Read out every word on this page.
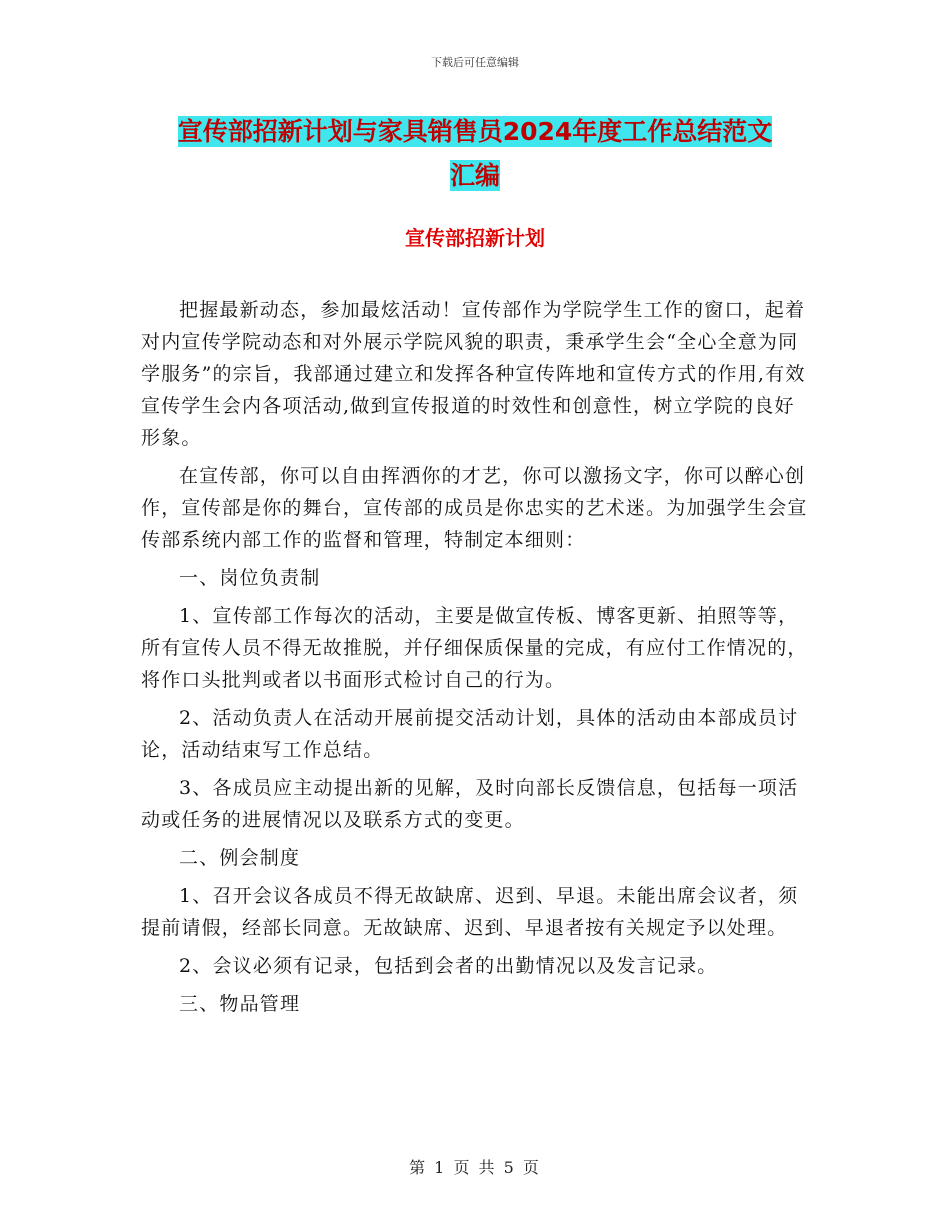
下载后可任意编辑
宣传部招新计划与家具销售员2024年度工作总结范文
汇编
宣传部招新计划

把握最新动态，参加最炫活动！宣传部作为学院学生工作的窗口，起着对内宣传学院动态和对外展示学院风貌的职责，秉承学生会“全心全意为同学服务”的宗旨，我部通过建立和发挥各种宣传阵地和宣传方式的作用,有效宣传学生会内各项活动,做到宣传报道的时效性和创意性，树立学院的良好形象。

在宣传部，你可以自由挥洒你的才艺，你可以激扬文字，你可以醉心创作，宣传部是你的舞台，宣传部的成员是你忠实的艺术迷。为加强学生会宣传部系统内部工作的监督和管理，特制定本细则：

一、岗位负责制

1、宣传部工作每次的活动，主要是做宣传板、博客更新、拍照等等，所有宣传人员不得无故推脱，并仔细保质保量的完成，有应付工作情况的，将作口头批判或者以书面形式检讨自己的行为。

2、活动负责人在活动开展前提交活动计划，具体的活动由本部成员讨论，活动结束写工作总结。

3、各成员应主动提出新的见解，及时向部长反馈信息，包括每一项活动或任务的进展情况以及联系方式的变更。

二、例会制度

1、召开会议各成员不得无故缺席、迟到、早退。未能出席会议者，须提前请假，经部长同意。无故缺席、迟到、早退者按有关规定予以处理。

2、会议必须有记录，包括到会者的出勤情况以及发言记录。

三、物品管理

第 1 页 共 5 页
